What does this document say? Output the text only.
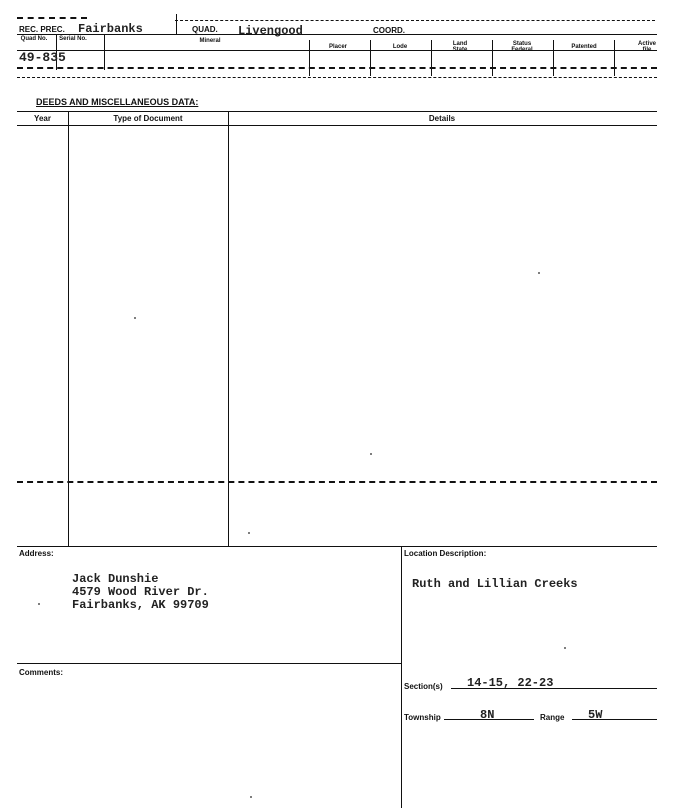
REC. PREC. Fairbanks	QUAD. Livengood	COORD.
Quad No. Serial No.	Mineral
Placer	Lode	Land State
Status Federal	Patented	Active file
49-835
DEEDS AND MISCELLANEOUS DATA:
Year	Type of Document	Details
Address:
Jack Dunshie
4579 Wood River Dr.
Fairbanks, AK 99709
Location Description:
Ruth and Lillian Creeks
Comments:
Section(s) 14-15, 22-23
Township	8N	Range 5W
